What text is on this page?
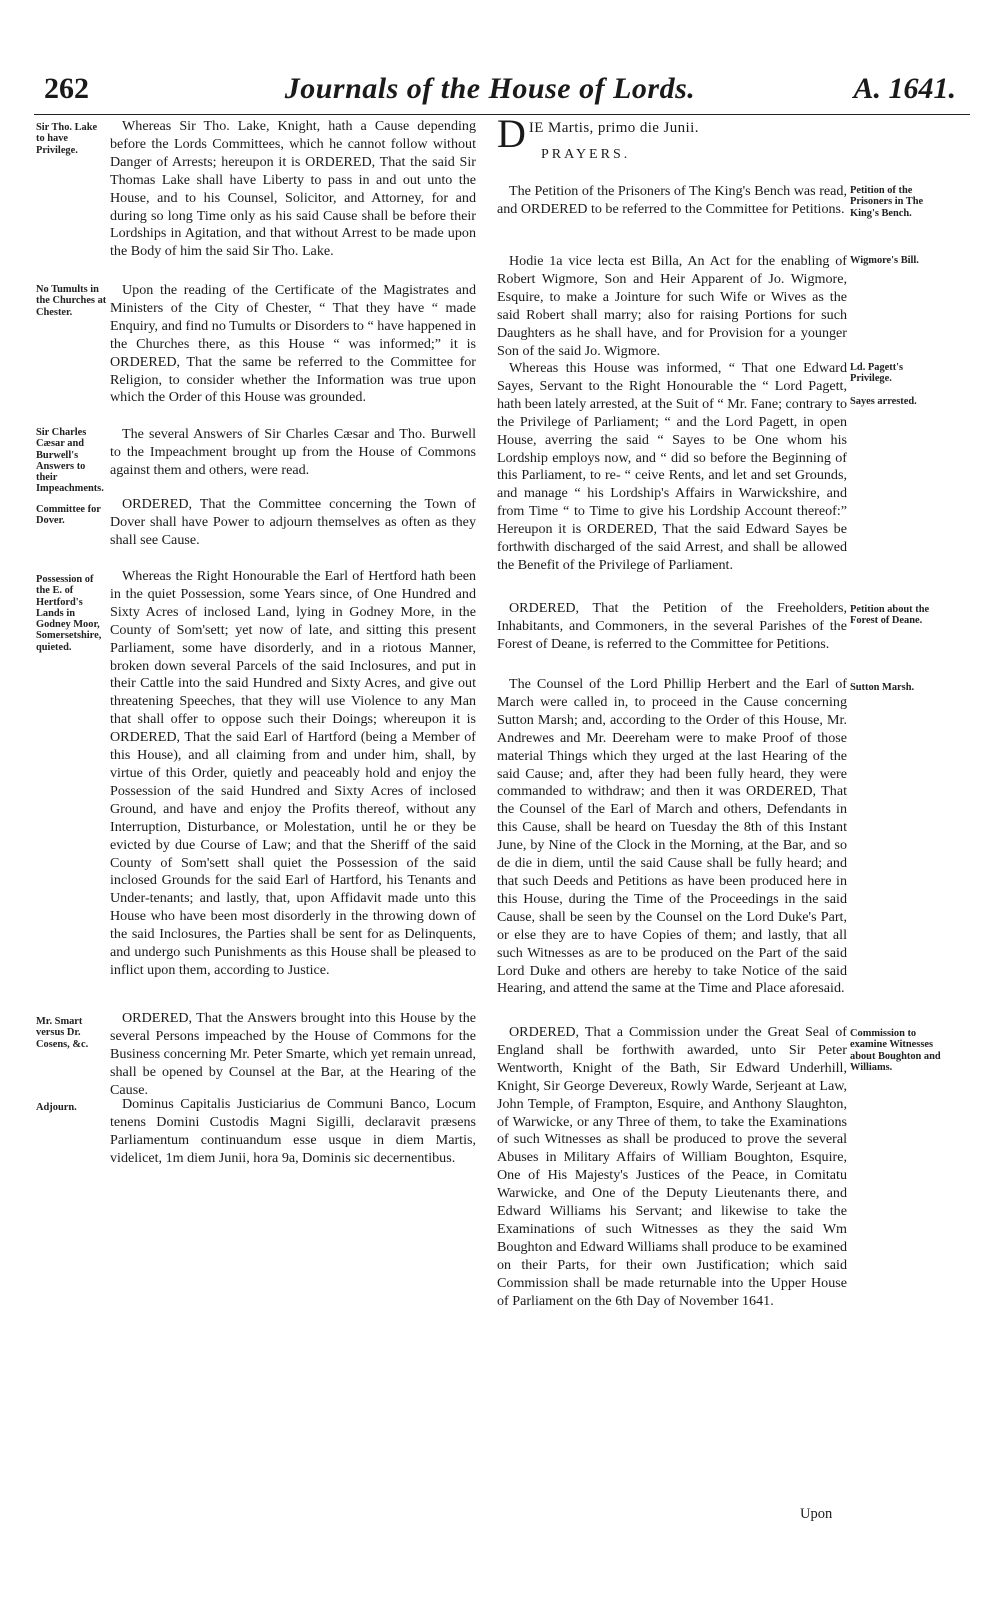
262	Journals of the House of Lords.	A. 1641.
Sir Tho. Lake to have Privilege.
No Tumults in the Churches at Chester.
Sir Charles Cæsar and Burwell's Answers to their Impeachments.
Committee for Dover.
Possession of the E. of Hertford's Lands in Godney Moor, Somersetshire, quieted.
Mr. Smart versus Dr. Cosens, &c.
Adjourn.

Whereas Sir Tho. Lake, Knight, hath a Cause depending before the Lords Committees, which he cannot follow without Danger of Arrests; hereupon it is ORDERED, That the said Sir Thomas Lake shall have Liberty to pass in and out unto the House, and to his Counsel, Solicitor, and Attorney, for and during so long Time only as his said Cause shall be before their Lordships in Agitation, and that without Arrest to be made upon the Body of him the said Sir Tho. Lake.

Upon the reading of the Certificate of the Magistrates and Ministers of the City of Chester, “ That they have “ made Enquiry, and find no Tumults or Disorders to “ have happened in the Churches there, as this House “ was informed;” it is ORDERED, That the same be referred to the Committee for Religion, to consider whether the Information was true upon which the Order of this House was grounded.

The several Answers of Sir Charles Cæsar and Tho. Burwell to the Impeachment brought up from the House of Commons against them and others, were read.

ORDERED, That the Committee concerning the Town of Dover shall have Power to adjourn themselves as often as they shall see Cause.

Whereas the Right Honourable the Earl of Hertford hath been in the quiet Possession, some Years since, of One Hundred and Sixty Acres of inclosed Land, lying in Godney More, in the County of Som'sett; yet now of late, and sitting this present Parliament, some have disorderly, and in a riotous Manner, broken down several Parcels of the said Inclosures, and put in their Cattle into the said Hundred and Sixty Acres, and give out threatening Speeches, that they will use Violence to any Man that shall offer to oppose such their Doings; whereupon it is ORDERED, That the said Earl of Hartford (being a Member of this House), and all claiming from and under him, shall, by virtue of this Order, quietly and peaceably hold and enjoy the Possession of the said Hundred and Sixty Acres of inclosed Ground, and have and enjoy the Profits thereof, without any Interruption, Disturbance, or Molestation, until he or they be evicted by due Course of Law; and that the Sheriff of the said County of Som'sett shall quiet the Possession of the said inclosed Grounds for the said Earl of Hartford, his Tenants and Under-tenants; and lastly, that, upon Affidavit made unto this House who have been most disorderly in the throwing down of the said Inclosures, the Parties shall be sent for as Delinquents, and undergo such Punishments as this House shall be pleased to inflict upon them, according to Justice.

ORDERED, That the Answers brought into this House by the several Persons impeached by the House of Commons for the Business concerning Mr. Peter Smarte, which yet remain unread, shall be opened by Counsel at the Bar, at the Hearing of the Cause.

Dominus Capitalis Justiciarius de Communi Banco, Locum tenens Domini Custodis Magni Sigilli, declaravit præsens Parliamentum continuandum esse usque in diem Martis, videlicet, 1m diem Junii, hora 9a, Dominis sic decernentibus.

D IE Martis, primo die Junii.

PRAYERS.

Petition of the Prisoners in The King's Bench.
Wigmore's Bill.
Ld. Pagett's Privilege.
Sayes arrested.
Petition about the Forest of Deane.
Sutton Marsh.
Commission to examine Witnesses about Boughton and Williams.

The Petition of the Prisoners of The King's Bench was read, and ORDERED to be referred to the Committee for Petitions.

Hodie 1a vice lecta est Billa, An Act for the enabling of Robert Wigmore, Son and Heir Apparent of Jo. Wigmore, Esquire, to make a Jointure for such Wife or Wives as the said Robert shall marry; also for raising Portions for such Daughters as he shall have, and for Provision for a younger Son of the said Jo. Wigmore.

Whereas this House was informed, “ That one Edward Sayes, Servant to the Right Honourable the “ Lord Pagett, hath been lately arrested, at the Suit of “ Mr. Fane; contrary to the Privilege of Parliament; “ and the Lord Pagett, in open House, averring the said “ Sayes to be One whom his Lordship employs now, and “ did so before the Beginning of this Parliament, to re- “ ceive Rents, and let and set Grounds, and manage “ his Lordship's Affairs in Warwickshire, and from Time “ to Time to give his Lordship Account thereof:” Hereupon it is ORDERED, That the said Edward Sayes be forthwith discharged of the said Arrest, and shall be allowed the Benefit of the Privilege of Parliament.

ORDERED, That the Petition of the Freeholders, Inhabitants, and Commoners, in the several Parishes of the Forest of Deane, is referred to the Committee for Petitions.

The Counsel of the Lord Phillip Herbert and the Earl of March were called in, to proceed in the Cause concerning Sutton Marsh; and, according to the Order of this House, Mr. Andrewes and Mr. Deereham were to make Proof of those material Things which they urged at the last Hearing of the said Cause; and, after they had been fully heard, they were commanded to withdraw; and then it was ORDERED, That the Counsel of the Earl of March and others, Defendants in this Cause, shall be heard on Tuesday the 8th of this Instant June, by Nine of the Clock in the Morning, at the Bar, and so de die in diem, until the said Cause shall be fully heard; and that such Deeds and Petitions as have been produced here in this House, during the Time of the Proceedings in the said Cause, shall be seen by the Counsel on the Lord Duke's Part, or else they are to have Copies of them; and lastly, that all such Witnesses as are to be produced on the Part of the said Lord Duke and others are hereby to take Notice of the said Hearing, and attend the same at the Time and Place aforesaid.

ORDERED, That a Commission under the Great Seal of England shall be forthwith awarded, unto Sir Peter Wentworth, Knight of the Bath, Sir Edward Underhill, Knight, Sir George Devereux, Rowly Warde, Serjeant at Law, John Temple, of Frampton, Esquire, and Anthony Slaughton, of Warwicke, or any Three of them, to take the Examinations of such Witnesses as shall be produced to prove the several Abuses in Military Affairs of William Boughton, Esquire, One of His Majesty's Justices of the Peace, in Comitatu Warwicke, and One of the Deputy Lieutenants there, and Edward Williams his Servant; and likewise to take the Examinations of such Witnesses as they the said Wm Boughton and Edward Williams shall produce to be examined on their Parts, for their own Justification; which said Commission shall be made returnable into the Upper House of Parliament on the 6th Day of November 1641.

Upon
